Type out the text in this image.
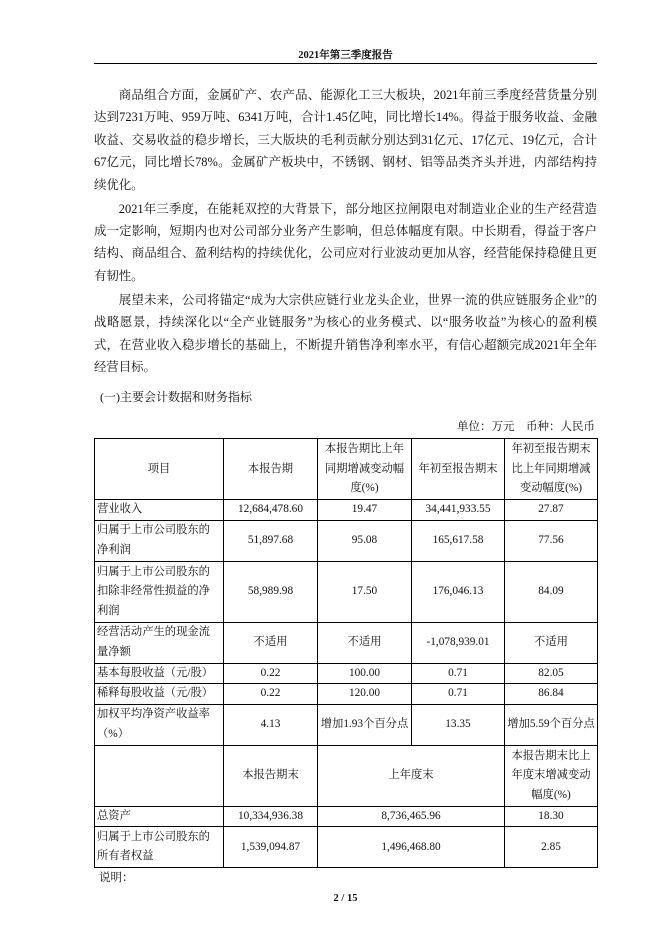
2021年第三季度报告

商品组合方面，金属矿产、农产品、能源化工三大板块，2021年前三季度经营货量分别达到7231万吨、959万吨、6341万吨，合计1.45亿吨，同比增长14%。得益于服务收益、金融收益、交易收益的稳步增长，三大版块的毛利贡献分别达到31亿元、17亿元、19亿元，合计67亿元，同比增长78%。金属矿产板块中，不锈钢、钢材、铝等品类齐头并进，内部结构持续优化。

2021年三季度，在能耗双控的大背景下，部分地区拉闸限电对制造业企业的生产经营造成一定影响，短期内也对公司部分业务产生影响，但总体幅度有限。中长期看，得益于客户结构、商品组合、盈利结构的持续优化，公司应对行业波动更加从容，经营能保持稳健且更有韧性。

展望未来，公司将锚定“成为大宗供应链行业龙头企业，世界一流的供应链服务企业”的战略愿景，持续深化以“全产业链服务”为核心的业务模式、以“服务收益”为核心的盈利模式，在营业收入稳步增长的基础上，不断提升销售净利率水平，有信心超额完成2021年全年经营目标。

(一)主要会计数据和财务指标
单位：万元　币种：人民币
项目	本报告期	本报告期比上年同期增减变动幅度(%)	年初至报告期末	年初至报告期末比上年同期增减变动幅度(%)
营业收入	12,684,478.60	19.47	34,441,933.55	27.87
归属于上市公司股东的净利润	51,897.68	95.08	165,617.58	77.56
归属于上市公司股东的扣除非经常性损益的净利润	58,989.98	17.50	176,046.13	84.09
经营活动产生的现金流量净额	不适用	不适用	-1,078,939.01	不适用
基本每股收益（元/股）	0.22	100.00	0.71	82.05
稀释每股收益（元/股）	0.22	120.00	0.71	86.84
加权平均净资产收益率（%）	4.13	增加1.93个百分点	13.35	增加5.59个百分点
	本报告期末	上年度末		本报告期末比上年度末增减变动幅度(%)
总资产	10,334,936.38	8,736,465.96		18.30
归属于上市公司股东的所有者权益	1,539,094.87	1,496,468.80		2.85
说明：
2 / 15
